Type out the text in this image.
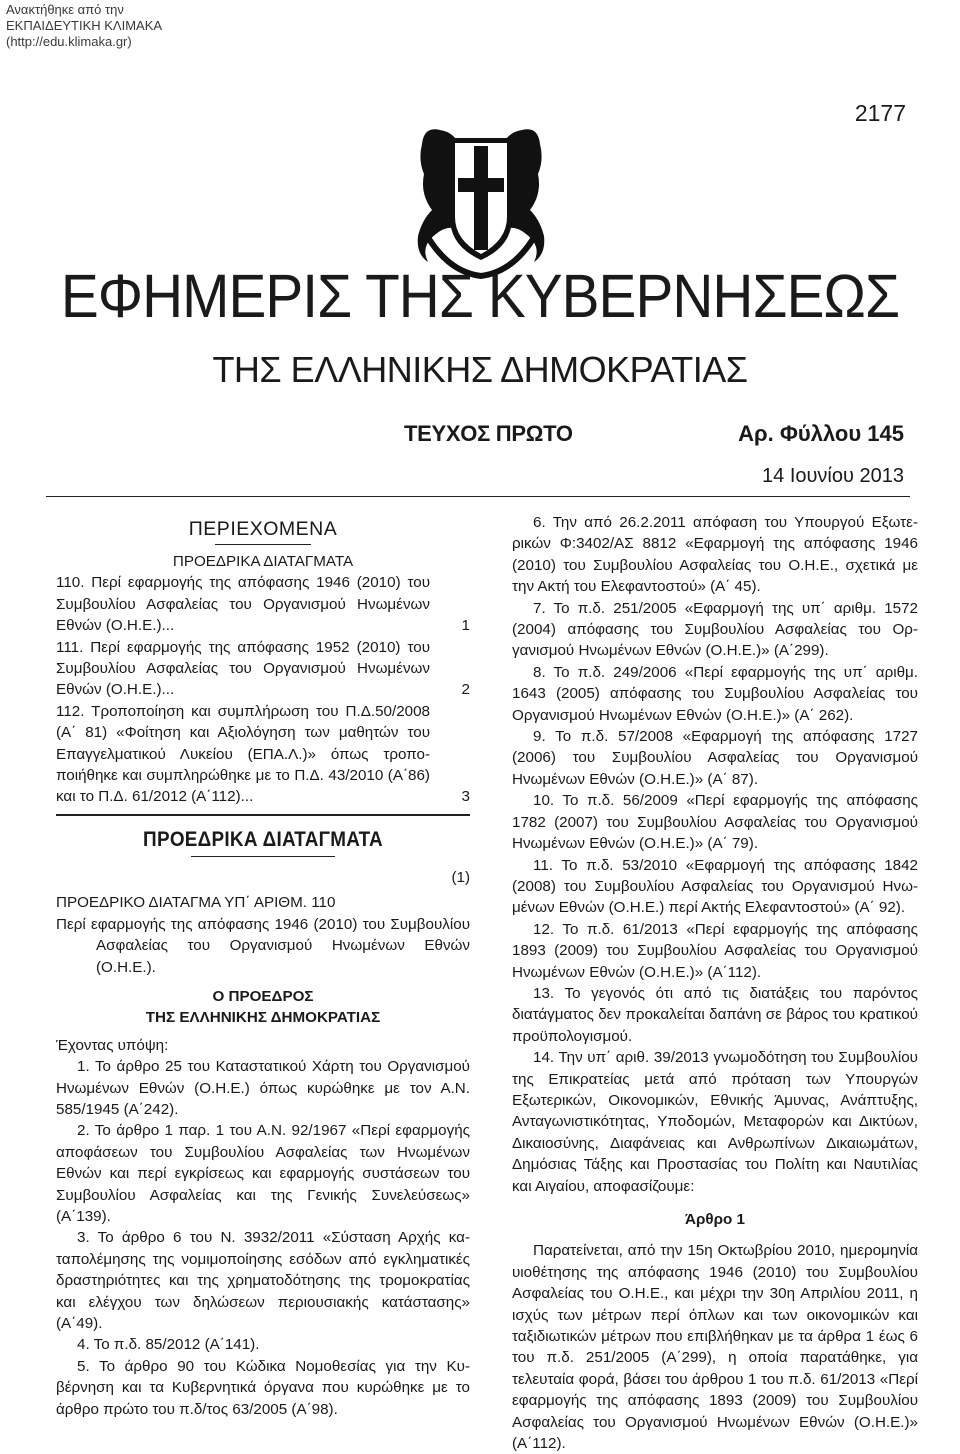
Ανακτήθηκε από την
ΕΚΠΑΙΔΕΥΤΙΚΗ ΚΛΙΜΑΚΑ
(http://edu.klimaka.gr)
2177
ΕΦΗΜΕΡΙΣ ΤΗΣ ΚΥΒΕΡΝΗΣΕΩΣ
ΤΗΣ ΕΛΛΗΝΙΚΗΣ ΔΗΜΟΚΡΑΤΙΑΣ
ΤΕΥΧΟΣ ΠΡΩΤΟ	Αρ. Φύλλου 145
14 Ιουνίου 2013
ΠΕΡΙΕΧΟΜΕΝΑ
ΠΡΟΕΔΡΙΚΑ ΔΙΑΤΑΓΜΑΤΑ
110. Περί εφαρμογής της απόφασης 1946 (2010) του Συμβουλίου Ασφαλείας του Οργανισμού Ηνωμένων Εθνών (Ο.Η.Ε.)...	1
111. Περί εφαρμογής της απόφασης 1952 (2010) του Συμβουλίου Ασφαλείας του Οργανισμού Ηνωμένων Εθνών (Ο.Η.Ε.)...	2
112. Τροποποίηση και συμπλήρωση του Π.Δ.50/2008 (Α΄ 81) «Φοίτηση και Αξιολόγηση των μαθητών του Επαγγελματικού Λυκείου (ΕΠΑ.Λ.)» όπως τροποποιήθηκε και συμπληρώθηκε με το Π.Δ. 43/2010 (Α΄86) και το Π.Δ. 61/2012 (Α΄112)...	3
ΠΡΟΕΔΡΙΚΑ ΔΙΑΤΑΓΜΑΤΑ
(1)
ΠΡΟΕΔΡΙΚΟ ΔΙΑΤΑΓΜΑ ΥΠ΄ ΑΡΙΘΜ. 110
Περί εφαρμογής της απόφασης 1946 (2010) του Συμβουλίου Ασφαλείας του Οργανισμού Ηνωμένων Εθνών (Ο.Η.Ε.).
Ο ΠΡΟΕΔΡΟΣ
ΤΗΣ ΕΛΛΗΝΙΚΗΣ ΔΗΜΟΚΡΑΤΙΑΣ
Έχοντας υπόψη:

1. Το άρθρο 25 του Καταστατικού Χάρτη του Οργανισμού Ηνωμένων Εθνών (Ο.Η.Ε.) όπως κυρώθηκε με τον Α.Ν. 585/1945 (Α΄242).

2. Το άρθρο 1 παρ. 1 του Α.Ν. 92/1967 «Περί εφαρμογής αποφάσεων του Συμβουλίου Ασφαλείας των Ηνωμένων Εθνών και περί εγκρίσεως και εφαρμογής συστάσεων του Συμβουλίου Ασφαλείας και της Γενικής Συνελεύσεως» (Α΄139).

3. Το άρθρο 6 του Ν. 3932/2011 «Σύσταση Αρχής καταπολέμησης της νομιμοποίησης εσόδων από εγκληματικές δραστηριότητες και της χρηματοδότησης της τρομοκρατίας και ελέγχου των δηλώσεων περιουσιακής κατάστασης» (Α΄49).

4. Το π.δ. 85/2012 (Α΄141).

5. Το άρθρο 90 του Κώδικα Νομοθεσίας για την Κυβέρνηση και τα Κυβερνητικά όργανα που κυρώθηκε με το άρθρο πρώτο του π.δ/τος 63/2005 (Α΄98).

6. Την από 26.2.2011 απόφαση του Υπουργού Εξωτερικών Φ:3402/ΑΣ 8812 «Εφαρμογή της απόφασης 1946 (2010) του Συμβουλίου Ασφαλείας του Ο.Η.Ε., σχετικά με την Ακτή του Ελεφαντοστού» (Α΄ 45).

7. Το π.δ. 251/2005 «Εφαρμογή της υπ΄ αριθμ. 1572 (2004) απόφασης του Συμβουλίου Ασφαλείας του Οργανισμού Ηνωμένων Εθνών (Ο.Η.Ε.)» (Α΄299).

8. Το π.δ. 249/2006 «Περί εφαρμογής της υπ΄ αριθμ. 1643 (2005) απόφασης του Συμβουλίου Ασφαλείας του Οργανισμού Ηνωμένων Εθνών (Ο.Η.Ε.)» (Α΄ 262).

9. Το π.δ. 57/2008 «Εφαρμογή της απόφασης 1727 (2006) του Συμβουλίου Ασφαλείας του Οργανισμού Ηνωμένων Εθνών (Ο.Η.Ε.)» (Α΄ 87).

10. Το π.δ. 56/2009 «Περί εφαρμογής της απόφασης 1782 (2007) του Συμβουλίου Ασφαλείας του Οργανισμού Ηνωμένων Εθνών (Ο.Η.Ε.)» (Α΄ 79).

11. Το π.δ. 53/2010 «Εφαρμογή της απόφασης 1842 (2008) του Συμβουλίου Ασφαλείας του Οργανισμού Ηνωμένων Εθνών (Ο.Η.Ε.) περί Ακτής Ελεφαντοστού» (Α΄ 92).

12. Το π.δ. 61/2013 «Περί εφαρμογής της απόφασης 1893 (2009) του Συμβουλίου Ασφαλείας του Οργανισμού Ηνωμένων Εθνών (Ο.Η.Ε.)» (Α΄112).

13. Το γεγονός ότι από τις διατάξεις του παρόντος διατάγματος δεν προκαλείται δαπάνη σε βάρος του κρατικού προϋπολογισμού.

14. Την υπ΄ αριθ. 39/2013 γνωμοδότηση του Συμβουλίου της Επικρατείας μετά από πρόταση των Υπουργών Εξωτερικών, Οικονομικών, Εθνικής Άμυνας, Ανάπτυξης, Ανταγωνιστικότητας, Υποδομών, Μεταφορών και Δικτύων, Δικαιοσύνης, Διαφάνειας και Ανθρωπίνων Δικαιωμάτων, Δημόσιας Τάξης και Προστασίας του Πολίτη και Ναυτιλίας και Αιγαίου, αποφασίζουμε:

Άρθρο 1

Παρατείνεται, από την 15η Οκτωβρίου 2010, ημερομηνία υιοθέτησης της απόφασης 1946 (2010) του Συμβουλίου Ασφαλείας του Ο.Η.Ε., και μέχρι την 30η Απριλίου 2011, η ισχύς των μέτρων περί όπλων και των οικονομικών και ταξιδιωτικών μέτρων που επιβλήθηκαν με τα άρθρα 1 έως 6 του π.δ. 251/2005 (Α΄299), η οποία παρατάθηκε, για τελευταία φορά, βάσει του άρθρου 1 του π.δ. 61/2013 «Περί εφαρμογής της απόφασης 1893 (2009) του Συμβουλίου Ασφαλείας του Οργανισμού Ηνωμένων Εθνών (Ο.Η.Ε.)» (Α΄112).
